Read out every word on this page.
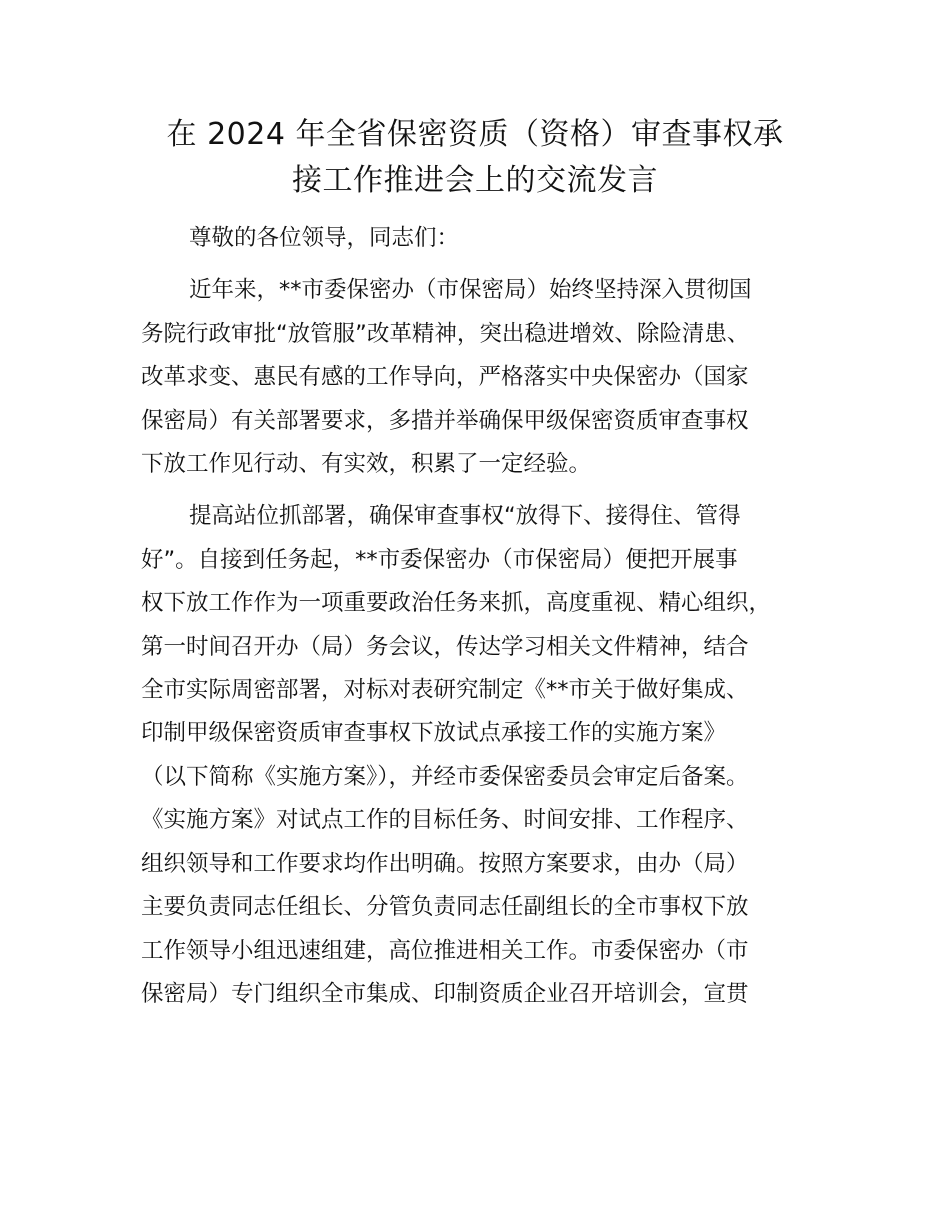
在 2024 年全省保密资质（资格）审查事权承
接工作推进会上的交流发言

尊敬的各位领导，同志们：

近年来，**市委保密办（市保密局）始终坚持深入贯彻国
务院行政审批“放管服”改革精神，突出稳进增效、除险清患、
改革求变、惠民有感的工作导向，严格落实中央保密办（国家
保密局）有关部署要求，多措并举确保甲级保密资质审查事权
下放工作见行动、有实效，积累了一定经验。

提高站位抓部署，确保审查事权“放得下、接得住、管得
好”。自接到任务起，**市委保密办（市保密局）便把开展事
权下放工作作为一项重要政治任务来抓，高度重视、精心组织，
第一时间召开办（局）务会议，传达学习相关文件精神，结合
全市实际周密部署，对标对表研究制定《**市关于做好集成、
印制甲级保密资质审查事权下放试点承接工作的实施方案》
（以下简称《实施方案》），并经市委保密委员会审定后备案。
《实施方案》对试点工作的目标任务、时间安排、工作程序、
组织领导和工作要求均作出明确。按照方案要求，由办（局）
主要负责同志任组长、分管负责同志任副组长的全市事权下放
工作领导小组迅速组建，高位推进相关工作。市委保密办（市
保密局）专门组织全市集成、印制资质企业召开培训会，宣贯
